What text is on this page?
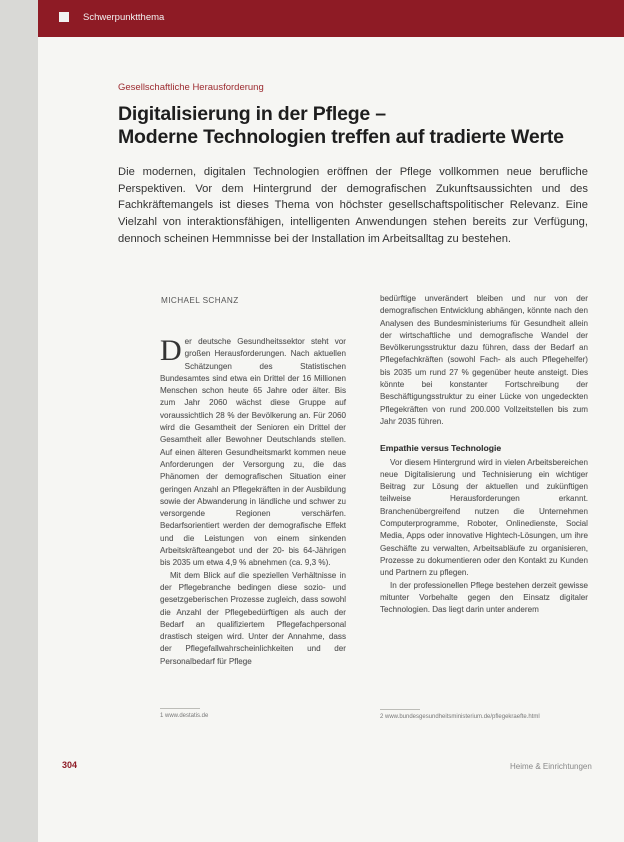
Schwerpunktthema
Gesellschaftliche Herausforderung
Digitalisierung in der Pflege –
Moderne Technologien treffen auf tradierte Werte
Die modernen, digitalen Technologien eröffnen der Pflege vollkommen neue berufliche Perspektiven. Vor dem Hintergrund der demografischen Zukunftsaussichten und des Fachkräftemangels ist dieses Thema von höchster gesellschaftspolitischer Relevanz. Eine Vielzahl von interaktionsfähigen, intelligenten Anwendungen stehen bereits zur Verfügung, dennoch scheinen Hemmnisse bei der Installation im Arbeitsalltag zu bestehen.
MICHAEL SCHANZ

Der deutsche Gesundheitssektor steht vor großen Herausforderungen. Nach aktuellen Schätzungen des Statistischen Bundesamtes sind etwa ein Drittel der 16 Millionen Menschen schon heute 65 Jahre oder älter. Bis zum Jahr 2060 wächst diese Gruppe auf voraussichtlich 28 % der Bevölkerung an. Für 2060 wird die Gesamtheit der Senioren ein Drittel der Gesamtheit aller Bewohner Deutschlands stellen. Auf einen älteren Gesundheitsmarkt kommen neue Anforderungen der Versorgung zu, die das Phänomen der demografischen Situation einer geringen Anzahl an Pflegekräften in der Ausbildung sowie der Abwanderung in ländliche und schwer zu versorgende Regionen verschärfen. Bedarfsorientiert werden der demografische Effekt und die Leistungen von einem sinkenden Arbeitskräfteangebot und der 20- bis 64-Jährigen bis 2035 um etwa 4,9 % abnehmen (ca. 9,3 %).

Mit dem Blick auf die speziellen Verhältnisse in der Pflegebranche bedingen diese sozio- und gesetzgeberischen Prozesse zugleich, dass sowohl die Anzahl der Pflegebedürftigen als auch der Bedarf an qualifiziertem Pflegefachpersonal drastisch steigen wird. Unter der Annahme, dass der Pflegefallwahrscheinlichkeiten und der Personalbedarf für Pflege

bedürftige unverändert bleiben und nur von der demografischen Entwicklung abhängen, könnte nach den Analysen des Bundesministeriums für Gesundheit allein der wirtschaftliche und demografische Wandel der Bevölkerungsstruktur dazu führen, dass der Bedarf an Pflegefachkräften (sowohl Fach- als auch Pflegehelfer) bis 2035 um rund 27 % gegenüber heute ansteigt. Dies könnte bei konstanter Fortschreibung der Beschäftigungsstruktur zu einer Lücke von ungedeckten Pflegekräften von rund 200.000 Vollzeitstellen bis zum Jahr 2035 führen.

Empathie versus Technologie

Vor diesem Hintergrund wird in vielen Arbeitsbereichen neue Digitalisierung und Technisierung ein wichtiger Beitrag zur Lösung der aktuellen und zukünftigen teilweise Herausforderungen erkannt. Branchenübergreifend nutzen die Unternehmen Computerprogramme, Roboter, Onlinedienste, Social Media, Apps oder innovative Hightech-Lösungen, um ihre Geschäfte zu verwalten, Arbeitsabläufe zu organisieren, Prozesse zu dokumentieren oder den Kontakt zu Kunden und Partnern zu pflegen.

In der professionellen Pflege bestehen derzeit gewisse mitunter Vorbehalte gegen den Einsatz digitaler Technologien. Das liegt darin unter anderem

1 www.destatis.de	2 www.bundesgesundheitsministerium.de/pflegekraefte.html
304	Heime & Einrichtungen
